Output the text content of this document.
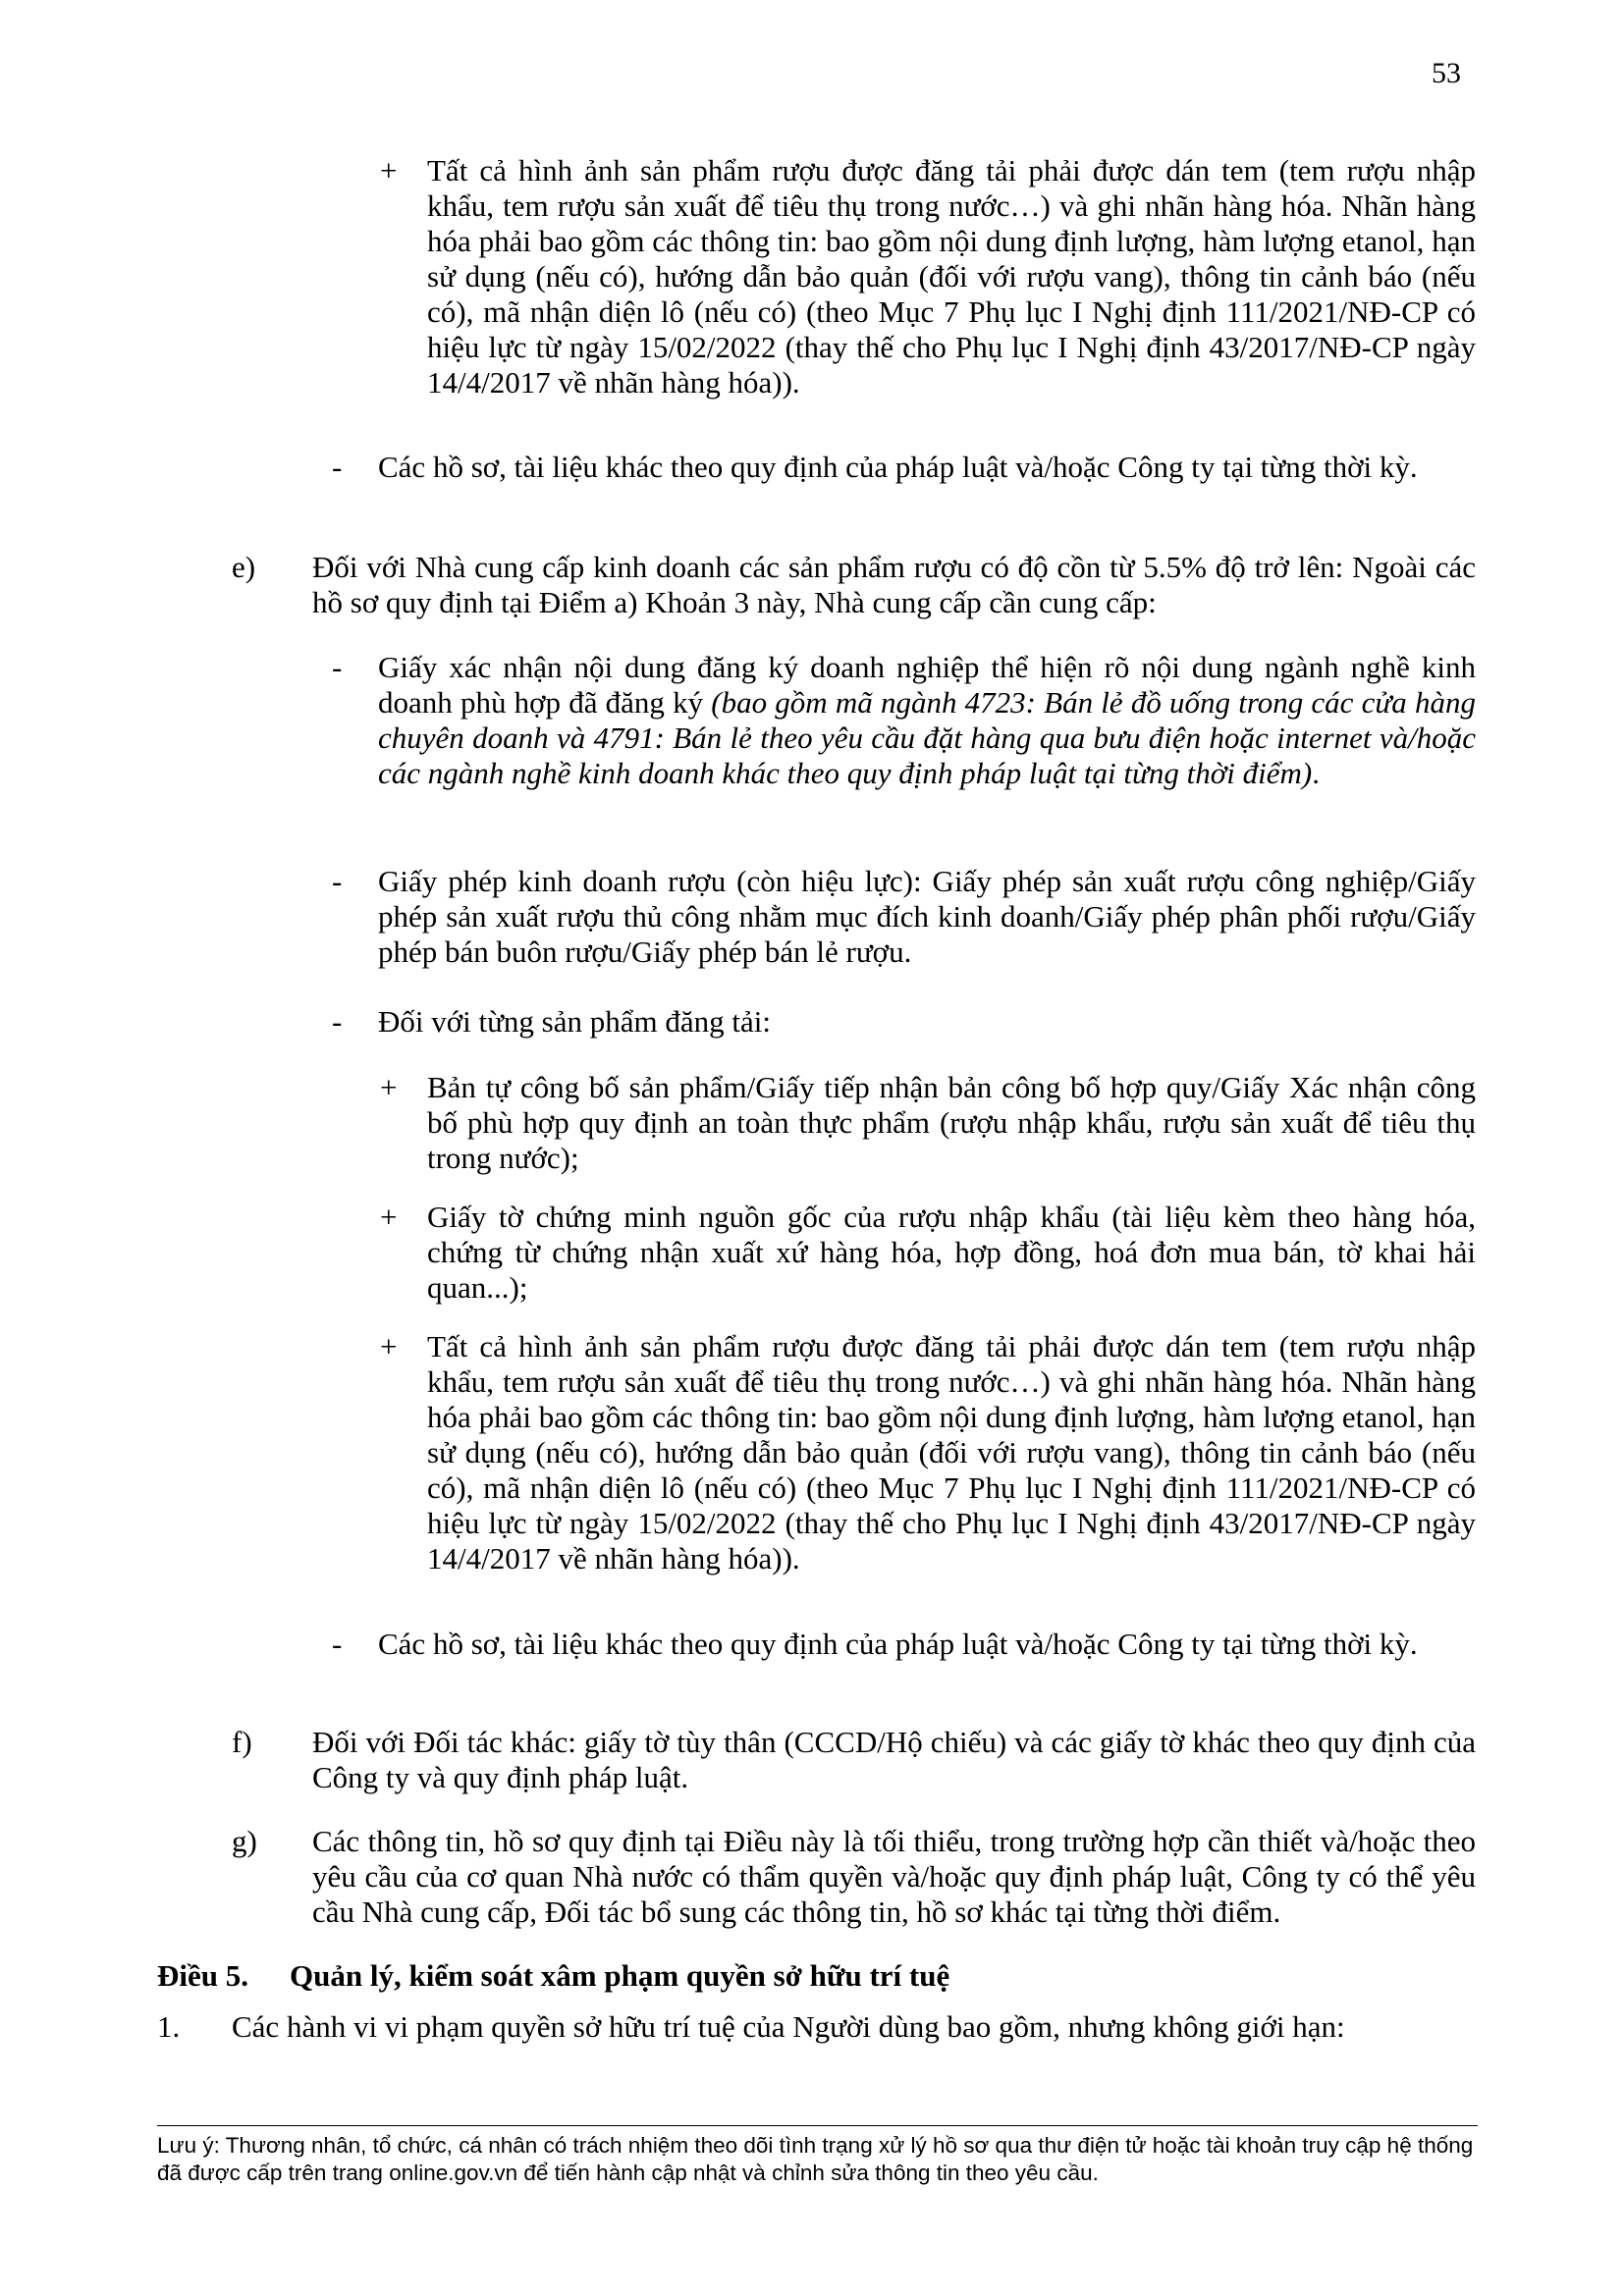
53
+ Tất cả hình ảnh sản phẩm rượu được đăng tải phải được dán tem (tem rượu nhập khẩu, tem rượu sản xuất để tiêu thụ trong nước…) và ghi nhãn hàng hóa. Nhãn hàng hóa phải bao gồm các thông tin: bao gồm nội dung định lượng, hàm lượng etanol, hạn sử dụng (nếu có), hướng dẫn bảo quản (đối với rượu vang), thông tin cảnh báo (nếu có), mã nhận diện lô (nếu có) (theo Mục 7 Phụ lục I Nghị định 111/2021/NĐ-CP có hiệu lực từ ngày 15/02/2022 (thay thế cho Phụ lục I Nghị định 43/2017/NĐ-CP ngày 14/4/2017 về nhãn hàng hóa)).
- Các hồ sơ, tài liệu khác theo quy định của pháp luật và/hoặc Công ty tại từng thời kỳ.
e) Đối với Nhà cung cấp kinh doanh các sản phẩm rượu có độ cồn từ 5.5% độ trở lên: Ngoài các hồ sơ quy định tại Điểm a) Khoản 3 này, Nhà cung cấp cần cung cấp:
- Giấy xác nhận nội dung đăng ký doanh nghiệp thể hiện rõ nội dung ngành nghề kinh doanh phù hợp đã đăng ký (bao gồm mã ngành 4723: Bán lẻ đồ uống trong các cửa hàng chuyên doanh và 4791: Bán lẻ theo yêu cầu đặt hàng qua bưu điện hoặc internet và/hoặc các ngành nghề kinh doanh khác theo quy định pháp luật tại từng thời điểm).
- Giấy phép kinh doanh rượu (còn hiệu lực): Giấy phép sản xuất rượu công nghiệp/Giấy phép sản xuất rượu thủ công nhằm mục đích kinh doanh/Giấy phép phân phối rượu/Giấy phép bán buôn rượu/Giấy phép bán lẻ rượu.
- Đối với từng sản phẩm đăng tải:
+ Bản tự công bố sản phẩm/Giấy tiếp nhận bản công bố hợp quy/Giấy Xác nhận công bố phù hợp quy định an toàn thực phẩm (rượu nhập khẩu, rượu sản xuất để tiêu thụ trong nước);
+ Giấy tờ chứng minh nguồn gốc của rượu nhập khẩu (tài liệu kèm theo hàng hóa, chứng từ chứng nhận xuất xứ hàng hóa, hợp đồng, hoá đơn mua bán, tờ khai hải quan...);
+ Tất cả hình ảnh sản phẩm rượu được đăng tải phải được dán tem (tem rượu nhập khẩu, tem rượu sản xuất để tiêu thụ trong nước…) và ghi nhãn hàng hóa. Nhãn hàng hóa phải bao gồm các thông tin: bao gồm nội dung định lượng, hàm lượng etanol, hạn sử dụng (nếu có), hướng dẫn bảo quản (đối với rượu vang), thông tin cảnh báo (nếu có), mã nhận diện lô (nếu có) (theo Mục 7 Phụ lục I Nghị định 111/2021/NĐ-CP có hiệu lực từ ngày 15/02/2022 (thay thế cho Phụ lục I Nghị định 43/2017/NĐ-CP ngày 14/4/2017 về nhãn hàng hóa)).
- Các hồ sơ, tài liệu khác theo quy định của pháp luật và/hoặc Công ty tại từng thời kỳ.
f) Đối với Đối tác khác: giấy tờ tùy thân (CCCD/Hộ chiếu) và các giấy tờ khác theo quy định của Công ty và quy định pháp luật.
g) Các thông tin, hồ sơ quy định tại Điều này là tối thiểu, trong trường hợp cần thiết và/hoặc theo yêu cầu của cơ quan Nhà nước có thẩm quyền và/hoặc quy định pháp luật, Công ty có thể yêu cầu Nhà cung cấp, Đối tác bổ sung các thông tin, hồ sơ khác tại từng thời điểm.
Điều 5. Quản lý, kiểm soát xâm phạm quyền sở hữu trí tuệ
1. Các hành vi vi phạm quyền sở hữu trí tuệ của Người dùng bao gồm, nhưng không giới hạn:
Lưu ý: Thương nhân, tổ chức, cá nhân có trách nhiệm theo dõi tình trạng xử lý hồ sơ qua thư điện tử hoặc tài khoản truy cập hệ thống đã được cấp trên trang online.gov.vn để tiến hành cập nhật và chỉnh sửa thông tin theo yêu cầu.
